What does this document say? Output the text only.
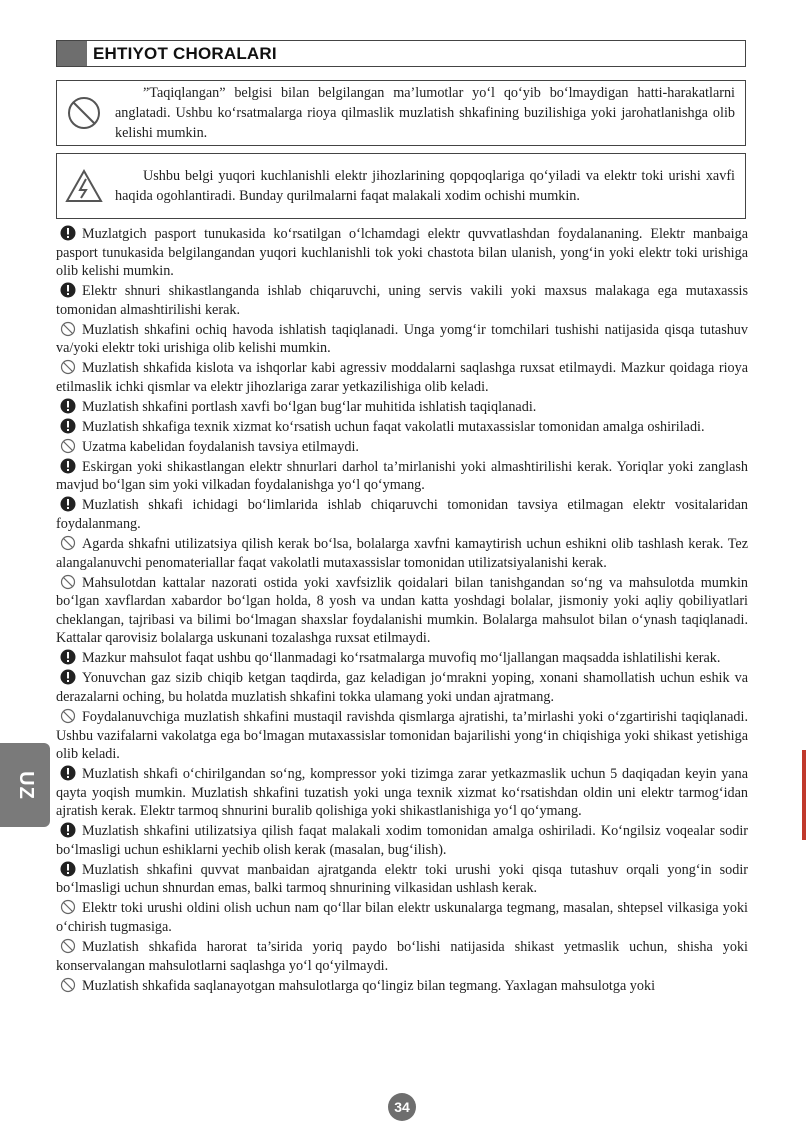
EHTIYOT CHORALARI
”Taqiqlangan” belgisi bilan belgilangan ma’lumotlar yo‘l qo‘yib bo‘lmaydigan hatti-harakatlarni anglatadi. Ushbu ko‘rsatmalarga rioya qilmaslik muzlatish shkafining buzilishiga yoki jarohatlanishga olib kelishi mumkin.
Ushbu belgi yuqori kuchlanishli elektr jihozlarining qopqoqlariga qo‘yiladi va elektr toki urishi xavfi haqida ogohlantiradi. Bunday qurilmalarni faqat malakali xodim ochishi mumkin.
Muzlatgich pasport tunukasida ko‘rsatilgan o‘lchamdagi elektr quvvatlashdan foydalananing. Elektr manbaiga pasport tunukasida belgilangandan yuqori kuchlanishli tok yoki chastota bilan ulanish, yong‘in yoki elektr toki urishiga olib kelishi mumkin.
Elektr shnuri shikastlanganda ishlab chiqaruvchi, uning servis vakili yoki maxsus malakaga ega mutaxassis tomonidan almashtirilishi kerak.
Muzlatish shkafini ochiq havoda ishlatish taqiqlanadi. Unga yomg‘ir tomchilari tushishi natijasida qisqa tutashuv va/yoki elektr toki urishiga olib kelishi mumkin.
Muzlatish shkafida kislota va ishqorlar kabi agressiv moddalarni saqlashga ruxsat etilmaydi. Mazkur qoidaga rioya etilmaslik ichki qismlar va elektr jihozlariga zarar yetkazilishiga olib keladi.
Muzlatish shkafini portlash xavfi bo‘lgan bug‘lar muhitida ishlatish taqiqlanadi.
Muzlatish shkafiga texnik xizmat ko‘rsatish uchun faqat vakolatli mutaxassislar tomonidan amalga oshiriladi.
Uzatma kabelidan foydalanish tavsiya etilmaydi.
Eskirgan yoki shikastlangan elektr shnurlari darhol ta’mirlanishi yoki almashtirilishi kerak. Yoriqlar yoki zanglash mavjud bo‘lgan sim yoki vilkadan foydalanishga yo‘l qo‘ymang.
Muzlatish shkafi ichidagi bo‘limlarida ishlab chiqaruvchi tomonidan tavsiya etilmagan elektr vositalaridan foydalanmang.
Agarda shkafni utilizatsiya qilish kerak bo‘lsa, bolalarga xavfni kamaytirish uchun eshikni olib tashlash kerak. Tez alangalanuvchi penomateriallar faqat vakolatli mutaxassislar tomonidan utilizatsiyalanishi kerak.
Mahsulotdan kattalar nazorati ostida yoki xavfsizlik qoidalari bilan tanishgandan so‘ng va mahsulotda mumkin bo‘lgan xavflardan xabardor bo‘lgan holda, 8 yosh va undan katta yoshdagi bolalar, jismoniy yoki aqliy qobiliyatlari cheklangan, tajribasi va bilimi bo‘lmagan shaxslar foydalanishi mumkin. Bolalarga mahsulot bilan o‘ynash taqiqlanadi. Kattalar qarovisiz bolalarga uskunani tozalashga ruxsat etilmaydi.
Mazkur mahsulot faqat ushbu qo‘llanmadagi ko‘rsatmalarga muvofiq mo‘ljallangan maqsadda ishlatilishi kerak.
Yonuvchan gaz sizib chiqib ketgan taqdirda, gaz keladigan jo‘mrakni yoping, xonani shamollatish uchun eshik va derazalarni oching, bu holatda muzlatish shkafini tokka ulamang yoki undan ajratmang.
Foydalanuvchiga muzlatish shkafini mustaqil ravishda qismlarga ajratishi, ta’mirlashi yoki o‘zgartirishi taqiqlanadi. Ushbu vazifalarni vakolatga ega bo‘lmagan mutaxassislar tomonidan bajarilishi yong‘in chiqishiga yoki shikast yetishiga olib keladi.
Muzlatish shkafi o‘chirilgandan so‘ng, kompressor yoki tizimga zarar yetkazmaslik uchun 5 daqiqadan keyin yana qayta yoqish mumkin. Muzlatish shkafini tuzatish yoki unga texnik xizmat ko‘rsatishdan oldin uni elektr tarmog‘idan ajratish kerak. Elektr tarmoq shnurini buralib qolishiga yoki shikastlanishiga yo‘l qo‘ymang.
Muzlatish shkafini utilizatsiya qilish faqat malakali xodim tomonidan amalga oshiriladi. Ko‘ngilsiz voqealar sodir bo‘lmasligi uchun eshiklarni yechib olish kerak (masalan, bug‘ilish).
Muzlatish shkafini quvvat manbaidan ajratganda elektr toki urushi yoki qisqa tutashuv orqali yong‘in sodir bo‘lmasligi uchun shnurdan emas, balki tarmoq shnurining vilkasidan ushlash kerak.
Elektr toki urushi oldini olish uchun nam qo‘llar bilan elektr uskunalarga tegmang, masalan, shtepsel vilkasiga yoki o‘chirish tugmasiga.
Muzlatish shkafida harorat ta’sirida yoriq paydo bo‘lishi natijasida shikast yetmaslik uchun, shisha yoki konservalangan mahsulotlarni saqlashga yo‘l qo‘yilmaydi.
Muzlatish shkafida saqlanayotgan mahsulotlarga qo‘lingiz bilan tegmang. Yaxlagan mahsulotga yoki
UZ
34
